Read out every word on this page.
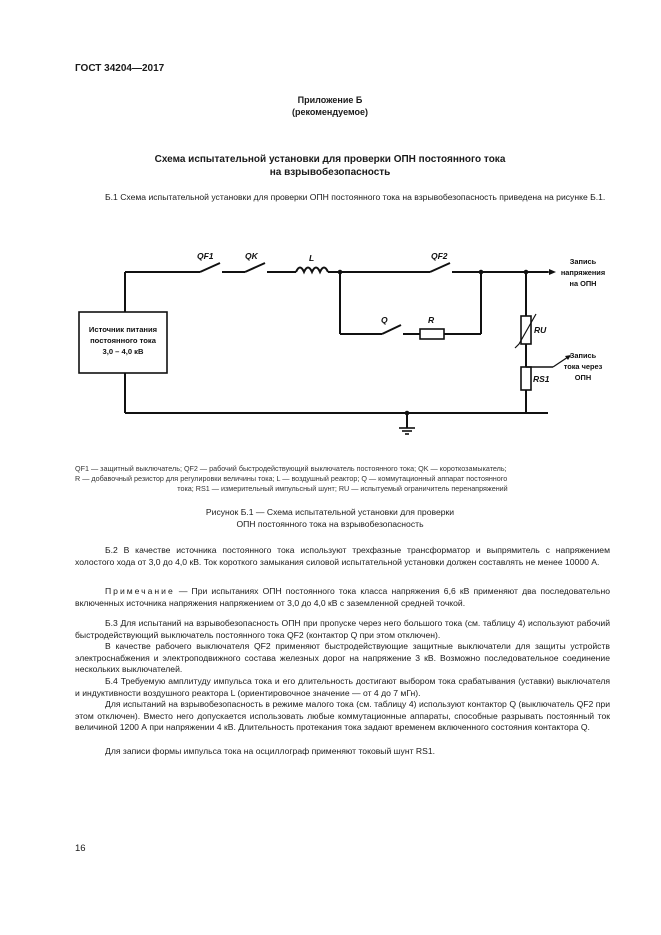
ГОСТ 34204—2017
Приложение Б
(рекомендуемое)
Схема испытательной установки для проверки ОПН постоянного тока
на взрывобезопасность
Б.1 Схема испытательной установки для проверки ОПН постоянного тока на взрывобезопасность приведена на рисунке Б.1.
Источник питания
постоянного тока
3,0 – 4,0 кВ
QF1	QK	L	QF2
Q	R
RU
RS1
Запись
напряжения
на ОПН
Запись
тока через
ОПН
QF1 — защитный выключатель; QF2 — рабочий быстродействующий выключатель постоянного тока; QK — короткозамыкатель;
R — добавочный резистор для регулировки величины тока; L — воздушный реактор; Q — коммутационный аппарат постоянного
тока; RS1 — измерительный импульсный шунт; RU — испытуемый ограничитель перенапряжений
Рисунок Б.1 — Схема испытательной установки для проверки
ОПН постоянного тока на взрывобезопасность
Б.2 В качестве источника постоянного тока используют трехфазные трансформатор и выпрямитель с напряжением холостого хода от 3,0 до 4,0 кВ. Ток короткого замыкания силовой испытательной установки должен составлять не менее 10000 А.
Примечание — При испытаниях ОПН постоянного тока класса напряжения 6,6 кВ применяют два последовательно включенных источника напряжения напряжением от 3,0 до 4,0 кВ с заземленной средней точкой.
Б.3 Для испытаний на взрывобезопасность ОПН при пропуске через него большого тока (см. таблицу 4) используют рабочий быстродействующий выключатель постоянного тока QF2 (контактор Q при этом отключен).
В качестве рабочего выключателя QF2 применяют быстродействующие защитные выключатели для защиты устройств электроснабжения и электроподвижного состава железных дорог на напряжение 3 кВ. Возможно последовательное соединение нескольких выключателей.
Б.4 Требуемую амплитуду импульса тока и его длительность достигают выбором тока срабатывания (уставки) выключателя и индуктивности воздушного реактора L (ориентировочное значение — от 4 до 7 мГн).
Для испытаний на взрывобезопасность в режиме малого тока (см. таблицу 4) используют контактор Q (выключатель QF2 при этом отключен). Вместо него допускается использовать любые коммутационные аппараты, способные разрывать постоянный ток величиной 1200 А при напряжении 4 кВ. Длительность протекания тока задают временем включенного состояния контактора Q.
Для записи формы импульса тока на осциллограф применяют токовый шунт RS1.
16
